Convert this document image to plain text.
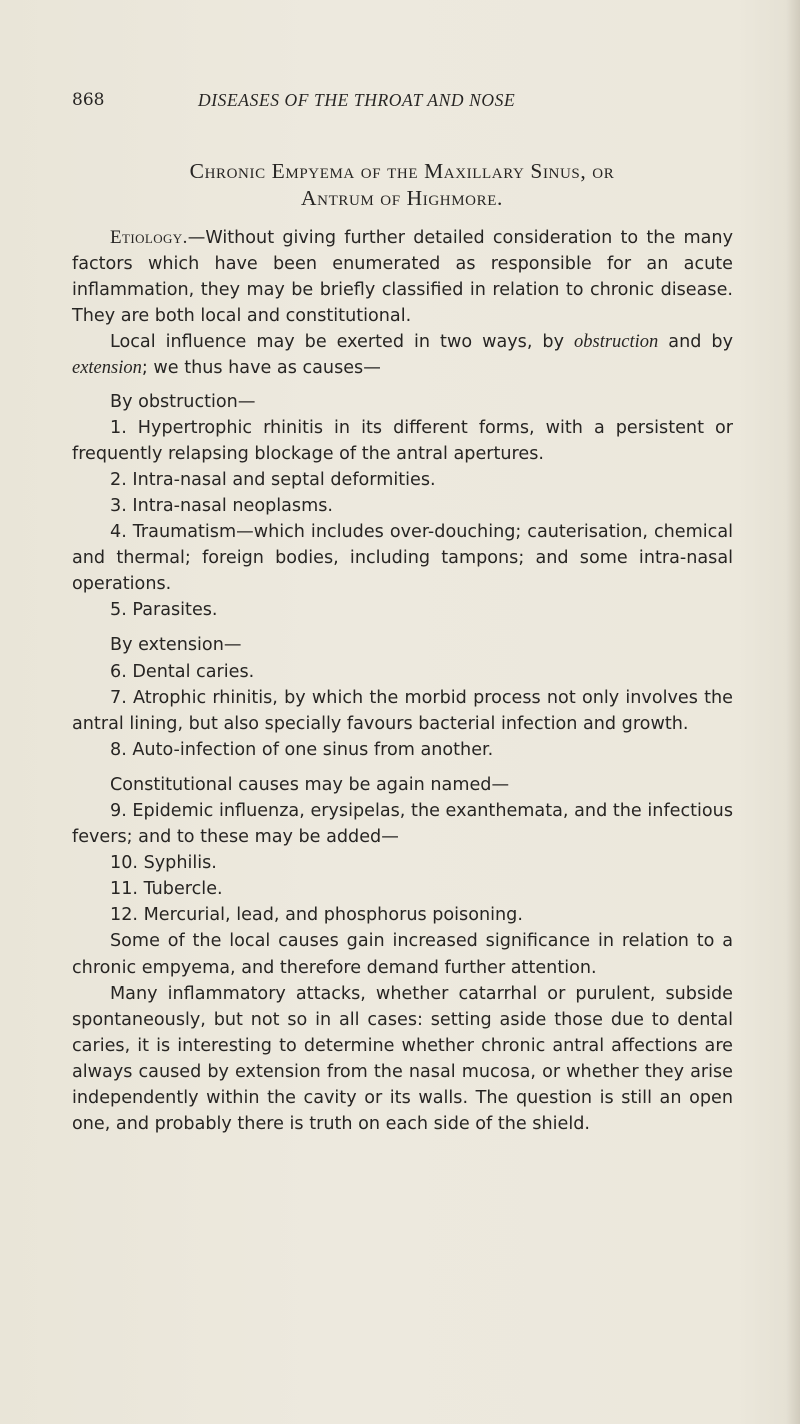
868	DISEASES OF THE THROAT AND NOSE
Chronic Empyema of the Maxillary Sinus, or
Antrum of Highmore.

Etiology.—Without giving further detailed consideration to the many factors which have been enumerated as responsible for an acute inflammation, they may be briefly classified in relation to chronic disease. They are both local and constitutional.

Local influence may be exerted in two ways, by obstruction and by extension; we thus have as causes—

By obstruction—

1. Hypertrophic rhinitis in its different forms, with a persistent or frequently relapsing blockage of the antral apertures.

2. Intra-nasal and septal deformities.

3. Intra-nasal neoplasms.

4. Traumatism—which includes over-douching; cauterisation, chemical and thermal; foreign bodies, including tampons; and some intra-nasal operations.

5. Parasites.

By extension—

6. Dental caries.

7. Atrophic rhinitis, by which the morbid process not only involves the antral lining, but also specially favours bacterial infection and growth.

8. Auto-infection of one sinus from another.

Constitutional causes may be again named—

9. Epidemic influenza, erysipelas, the exanthemata, and the infectious fevers; and to these may be added—

10. Syphilis.

11. Tubercle.

12. Mercurial, lead, and phosphorus poisoning.

Some of the local causes gain increased significance in relation to a chronic empyema, and therefore demand further attention.

Many inflammatory attacks, whether catarrhal or purulent, subside spontaneously, but not so in all cases: setting aside those due to dental caries, it is interesting to determine whether chronic antral affections are always caused by extension from the nasal mucosa, or whether they arise independently within the cavity or its walls. The question is still an open one, and probably there is truth on each side of the shield.
